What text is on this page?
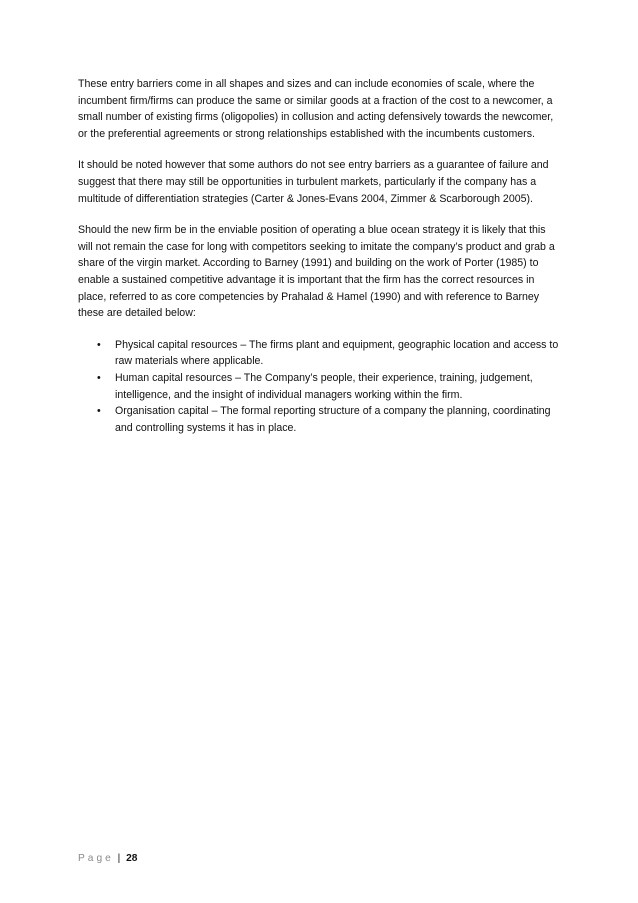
These entry barriers come in all shapes and sizes and can include economies of scale, where the incumbent firm/firms can produce the same or similar goods at a fraction of the cost to a newcomer, a small number of existing firms (oligopolies) in collusion and acting defensively towards the newcomer, or the preferential agreements or strong relationships established with the incumbents customers.

It should be noted however that some authors do not see entry barriers as a guarantee of failure and suggest that there may still be opportunities in turbulent markets, particularly if the company has a multitude of differentiation strategies (Carter & Jones-Evans 2004, Zimmer & Scarborough 2005).

Should the new firm be in the enviable position of operating a blue ocean strategy it is likely that this will not remain the case for long with competitors seeking to imitate the company’s product and grab a share of the virgin market. According to Barney (1991) and building on the work of Porter (1985) to enable a sustained competitive advantage it is important that the firm has the correct resources in place, referred to as core competencies by Prahalad & Hamel (1990) and with reference to Barney these are detailed below:

• Physical capital resources – The firms plant and equipment, geographic location and access to raw materials where applicable.
• Human capital resources – The Company’s people, their experience, training, judgement, intelligence, and the insight of individual managers working within the firm.
• Organisation capital – The formal reporting structure of a company the planning, coordinating and controlling systems it has in place.
Page | 28
